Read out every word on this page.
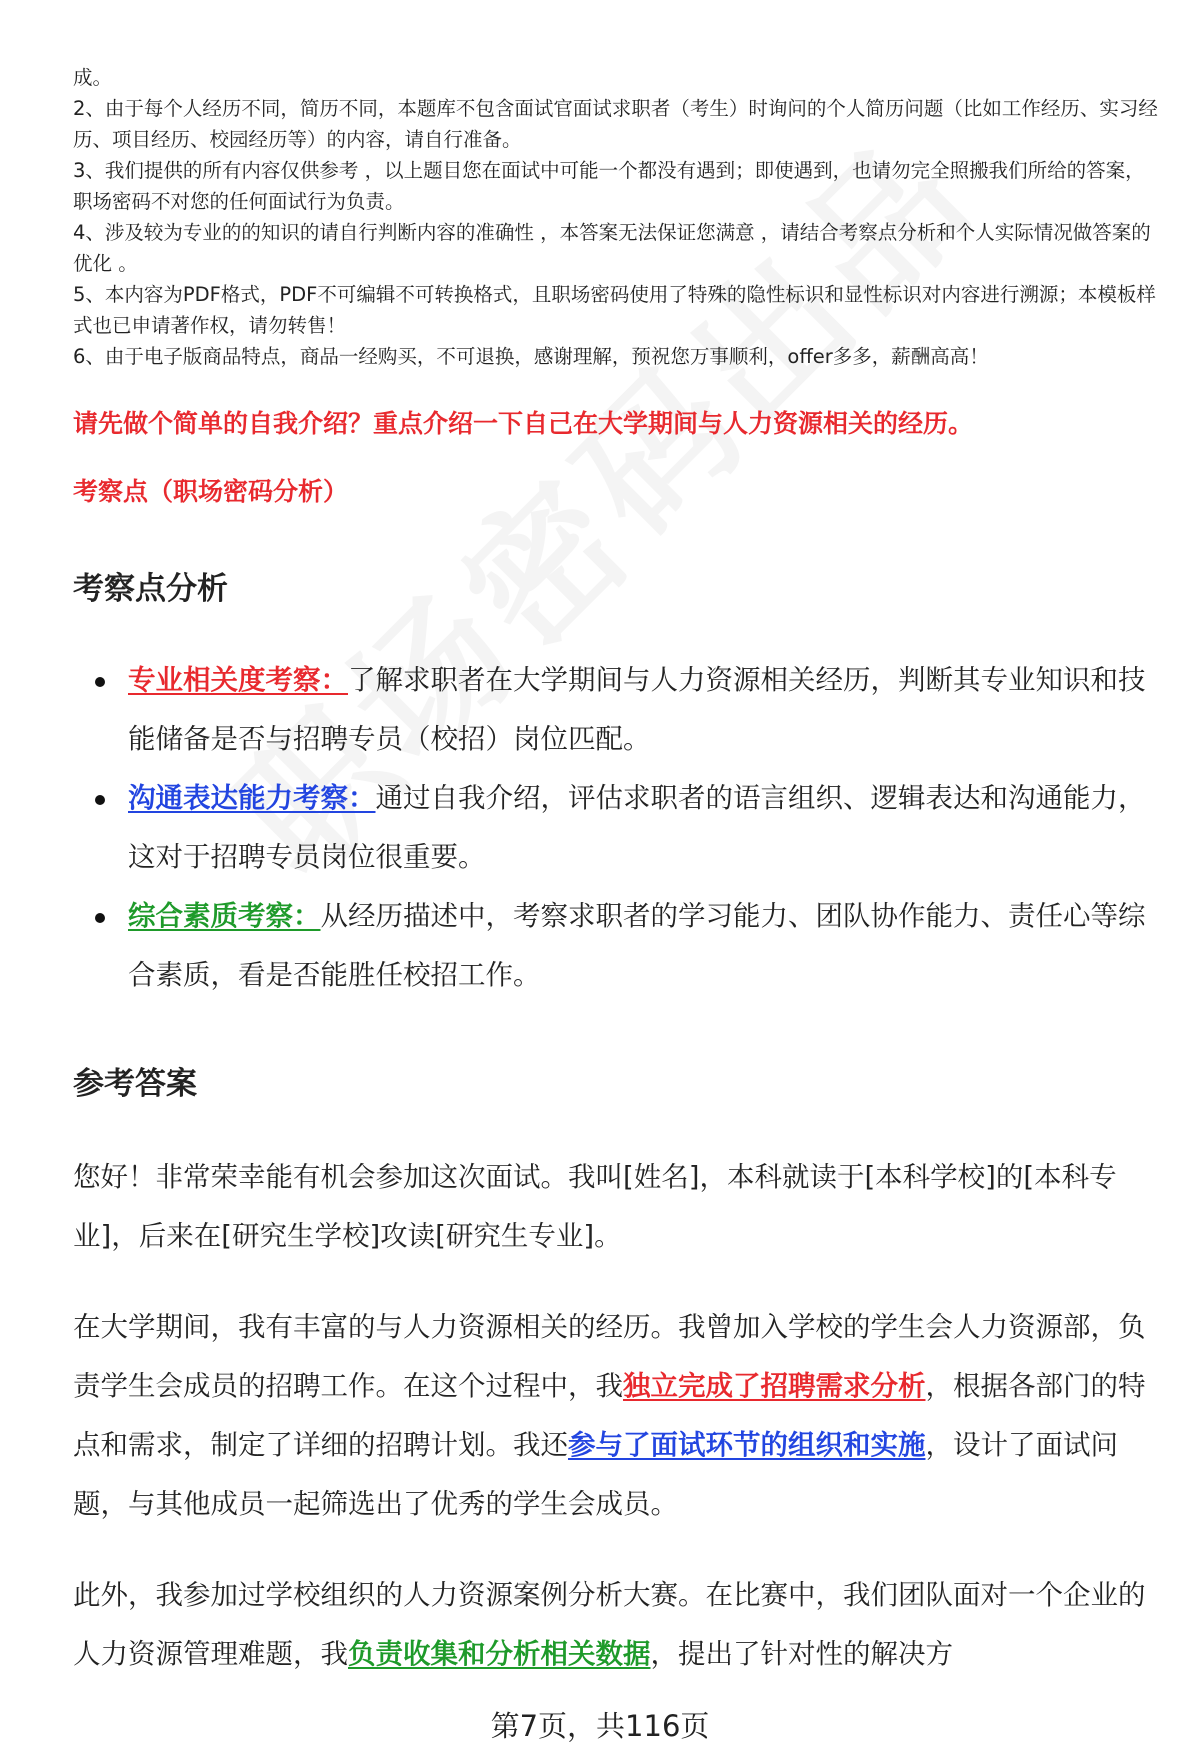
成。

2、由于每个人经历不同，简历不同，本题库不包含面试官面试求职者（考生）时询问的个人简历问题（比如工作经历、实习经历、项目经历、校园经历等）的内容，请自行准备。

3、我们提供的所有内容仅供参考 ，以上题目您在面试中可能一个都没有遇到；即使遇到，也请勿完全照搬我们所给的答案，职场密码不对您的任何面试行为负责。

4、涉及较为专业的的知识的请自行判断内容的准确性 ，本答案无法保证您满意 ，请结合考察点分析和个人实际情况做答案的优化 。

5、本内容为PDF格式，PDF不可编辑不可转换格式，且职场密码使用了特殊的隐性标识和显性标识对内容进行溯源；本模板样式也已申请著作权，请勿转售！

6、由于电子版商品特点，商品一经购买，不可退换，感谢理解，预祝您万事顺利，offer多多，薪酬高高！

请先做个简单的自我介绍？重点介绍一下自己在大学期间与人力资源相关的经历。

考察点（职场密码分析）

考察点分析

专业相关度考察：了解求职者在大学期间与人力资源相关经历，判断其专业知识和技能储备是否与招聘专员（校招）岗位匹配。
沟通表达能力考察：通过自我介绍，评估求职者的语言组织、逻辑表达和沟通能力，这对于招聘专员岗位很重要。
综合素质考察：从经历描述中，考察求职者的学习能力、团队协作能力、责任心等综合素质，看是否能胜任校招工作。

参考答案

您好！非常荣幸能有机会参加这次面试。我叫[姓名]，本科就读于[本科学校]的[本科专业]，后来在[研究生学校]攻读[研究生专业]。

在大学期间，我有丰富的与人力资源相关的经历。我曾加入学校的学生会人力资源部，负责学生会成员的招聘工作。在这个过程中，我独立完成了招聘需求分析，根据各部门的特点和需求，制定了详细的招聘计划。我还参与了面试环节的组织和实施，设计了面试问题，与其他成员一起筛选出了优秀的学生会成员。

此外，我参加过学校组织的人力资源案例分析大赛。在比赛中，我们团队面对一个企业的人力资源管理难题，我负责收集和分析相关数据，提出了针对性的解决方

第7页，共116页
